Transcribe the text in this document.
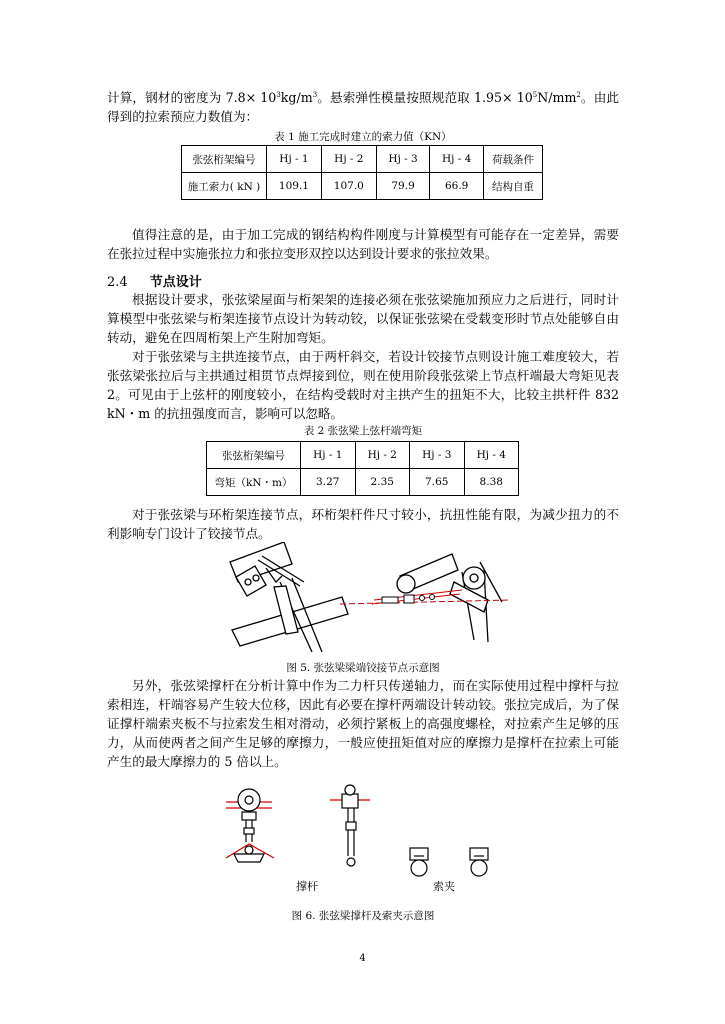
计算，钢材的密度为 $7.8\times 10^3kg/m^3$。悬索弹性模量按照规范取 $1.95\times 10^5N/mm^2$。由此得到的拉索预应力数值为：

表 1 施工完成时建立的索力值（KN）

张弦桁架编号	Hj - 1	Hj - 2	Hj - 3	Hj - 4	荷载条件
施工索力( kN )	109.1	107.0	79.9	66.9	结构自重

值得注意的是，由于加工完成的钢结构构件刚度与计算模型有可能存在一定差异，需要在张拉过程中实施张拉力和张拉变形双控以达到设计要求的张拉效果。

2.4 节点设计

根据设计要求，张弦梁屋面与桁架架的连接必须在张弦梁施加预应力之后进行，同时计算模型中张弦梁与桁架连接节点设计为转动铰，以保证张弦梁在受载变形时节点处能够自由转动，避免在四周桁架上产生附加弯矩。

对于张弦梁与主拱连接节点，由于两杆斜交，若设计铰接节点则设计施工难度较大，若张弦梁张拉后与主拱通过相贯节点焊接到位，则在使用阶段张弦梁上节点杆端最大弯矩见表2。可见由于上弦杆的刚度较小，在结构受载时对主拱产生的扭矩不大，比较主拱杆件 832 kN・m 的抗扭强度而言，影响可以忽略。

表 2 张弦梁上弦杆端弯矩

张弦桁架编号	Hj - 1	Hj - 2	Hj - 3	Hj - 4
弯矩（kN・m）	3.27	2.35	7.65	8.38

对于张弦梁与环桁架连接节点，环桁架杆件尺寸较小，抗扭性能有限，为减少扭力的不利影响专门设计了铰接节点。

图 5. 张弦梁梁端铰接节点示意图

另外，张弦梁撑杆在分析计算中作为二力杆只传递轴力，而在实际使用过程中撑杆与拉索相连，杆端容易产生较大位移，因此有必要在撑杆两端设计转动铰。张拉完成后，为了保证撑杆端索夹板不与拉索发生相对滑动，必须拧紧板上的高强度螺栓，对拉索产生足够的压力，从而使两者之间产生足够的摩擦力，一般应使扭矩值对应的摩擦力是撑杆在拉索上可能产生的最大摩擦力的 5 倍以上。

撑杆	索夹

图 6. 张弦梁撑杆及索夹示意图

4
